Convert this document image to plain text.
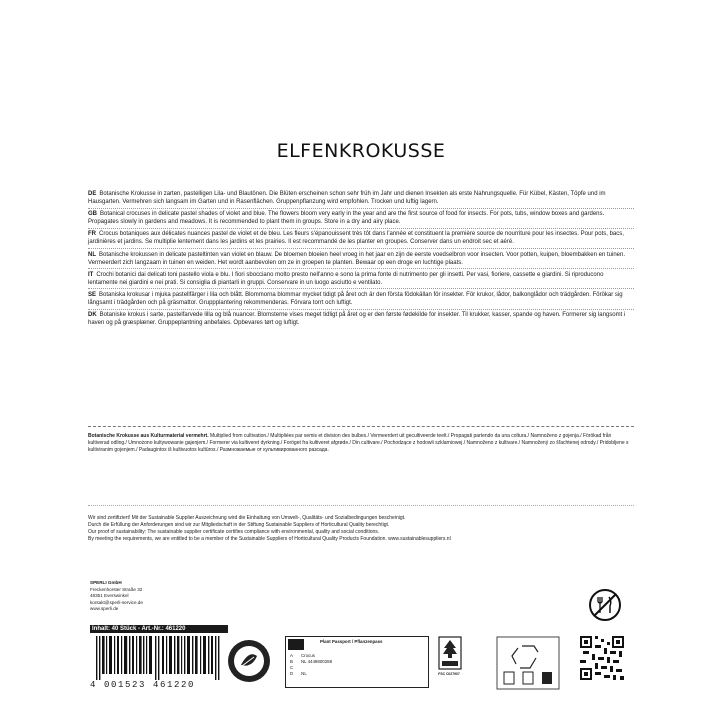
ELFENKROKUSSE
DE Botanische Krokusse in zarten, pastelligen Lila- und Blautönen. Die Blüten erscheinen schon sehr früh im Jahr und dienen Insekten als erste Nahrungsquelle. Für Kübel, Kästen, Töpfe und im Hausgarten. Vermehren sich langsam im Garten und in Rasenflächen. Gruppenpflanzung wird empfohlen. Trocken und luftig lagern.
GB Botanical crocuses in delicate pastel shades of violet and blue. The flowers bloom very early in the year and are the first source of food for insects. For pots, tubs, window boxes and gardens. Propagates slowly in gardens and meadows. It is recommended to plant them in groups. Store in a dry and airy place.
FR Crocus botaniques aux délicates nuances pastel de violet et de bleu. Les fleurs s'épanouissent très tôt dans l'année et constituent la première source de nourriture pour les insectes. Pour pots, bacs, jardinières et jardins. Se multiplie lentement dans les jardins et les prairies. Il est recommandé de les planter en groupes. Conserver dans un endroit sec et aéré.
NL Botanische krokussen in delicate pasteltinten van violet en blauw. De bloemen bloeien heel vroeg in het jaar en zijn de eerste voedselbron voor insecten. Voor potten, kuipen, bloembakken en tuinen. Vermeerdert zich langzaam in tuinen en weiden. Het wordt aanbevolen om ze in groepen te planten. Bewaar op een droge en luchtige plaats.
IT Crochi botanici dai delicati toni pastello viola e blu. I fiori sbocciano molto presto nell'anno e sono la prima fonte di nutrimento per gli insetti. Per vasi, fioriere, cassette e giardini. Si riproducono lentamente nei giardini e nei prati. Si consiglia di piantarli in gruppi. Conservare in un luogo asciutto e ventilato.
SE Botaniska krokusar i mjuka pastellfärger i lila och blått. Blommorna blommar mycket tidigt på året och är den första födokällan för insekter. För krukor, lådor, balkonglådor och trädgården. Förökar sig långsamt i trädgården och på gräsmattor. Gruppplantering rekommenderas. Förvara torrt och luftigt.
DK Botaniske krokus i sarte, pastelfarvede lilla og blå nuancer. Blomsterne vises meget tidligt på året og er den første fødekilde for insekter. Til krukker, kasser, spande og haven. Formerer sig langsomt i haven og på græsplæner. Gruppeplantning anbefales. Opbevares tørt og luftigt.
Botanische Krokusse aus Kulturmaterial vermehrt. Multiplied from cultivation./ Multipliées par semis et division des bulbes./ Vermeerdert uit gecultiveerde teelt./ Propagati partendo da una coltura./ Namnoženo z gojenja./ Förökad från kultiverad odling./ Umnożono kultywowanie gajenjem./ Formerer via kultiveret dyrkning./ Foröget fra kultiveret afgrøde./ Din cultivare./ Pochodzące z hodowli szklarniowej./ Namnoženo z kultivare./ Namnožený zo šľachtenej odrody./ Pridobljene s kultiviranim gojenjem./ Padaugintos iš kultivuotos kultūros./ Размножаемые от культивированного разсада.
Wir sind zertifiziert! Mit der Sustainable Supplier Auszeichnung wird die Einhaltung von Umwelt-, Qualitäts- und Sozialbedingungen bescheinigt.
Durch die Erfüllung der Anforderungen sind wir zur Mitgliedschaft in der Stiftung Sustainable Suppliers of Horticultural Quality berechtigt.
Our proof of sustainability: The sustainable supplier certificate certifies compliance with environmental, quality and social conditions.
By meeting the requirements, we are entitled to be a member of the Sustainable Suppliers of Horticultural Quality Products Foundation. www.sustainablesuppliers.nl
SPERLI GmbH
Freckenhorster Straße 32
48351 Everswinkel
kontakt@sperli-service.de
www.sperli.de
Inhalt: 40 Stück - Art.-Nr.: 461220
4 001523 461220
Plant Passport / Pflanzenpass
A Crocus
B NL 4449800288
C
D NL	FSC C027907
